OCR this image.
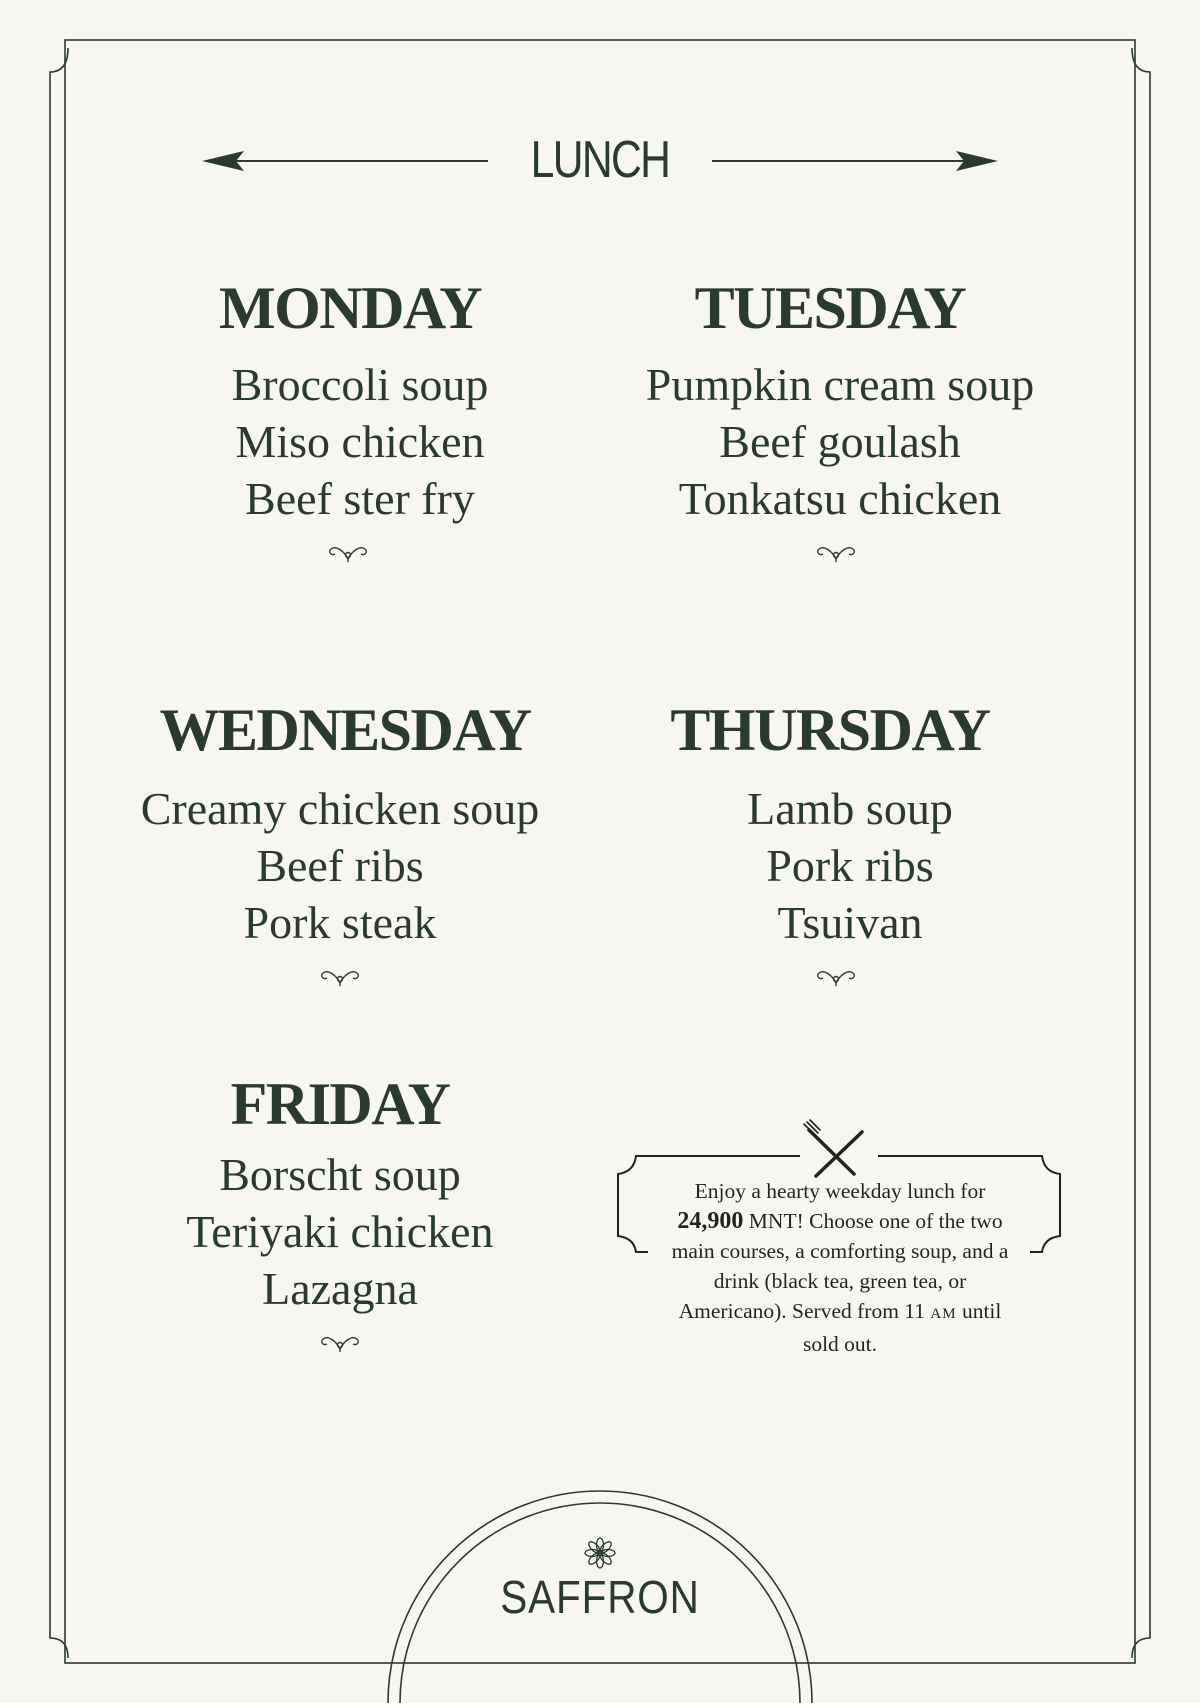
LUNCH
MONDAY
Broccoli soup
Miso chicken
Beef ster fry
TUESDAY
Pumpkin cream soup
Beef goulash
Tonkatsu chicken
WEDNESDAY
Creamy chicken soup
Beef ribs
Pork steak
THURSDAY
Lamb soup
Pork ribs
Tsuivan
FRIDAY
Borscht soup
Teriyaki chicken
Lazagna
Enjoy a hearty weekday lunch for 24,900 MNT! Choose one of the two main courses, a comforting soup, and a drink (black tea, green tea, or Americano). Served from 11 AM until sold out.
SAFFRON
